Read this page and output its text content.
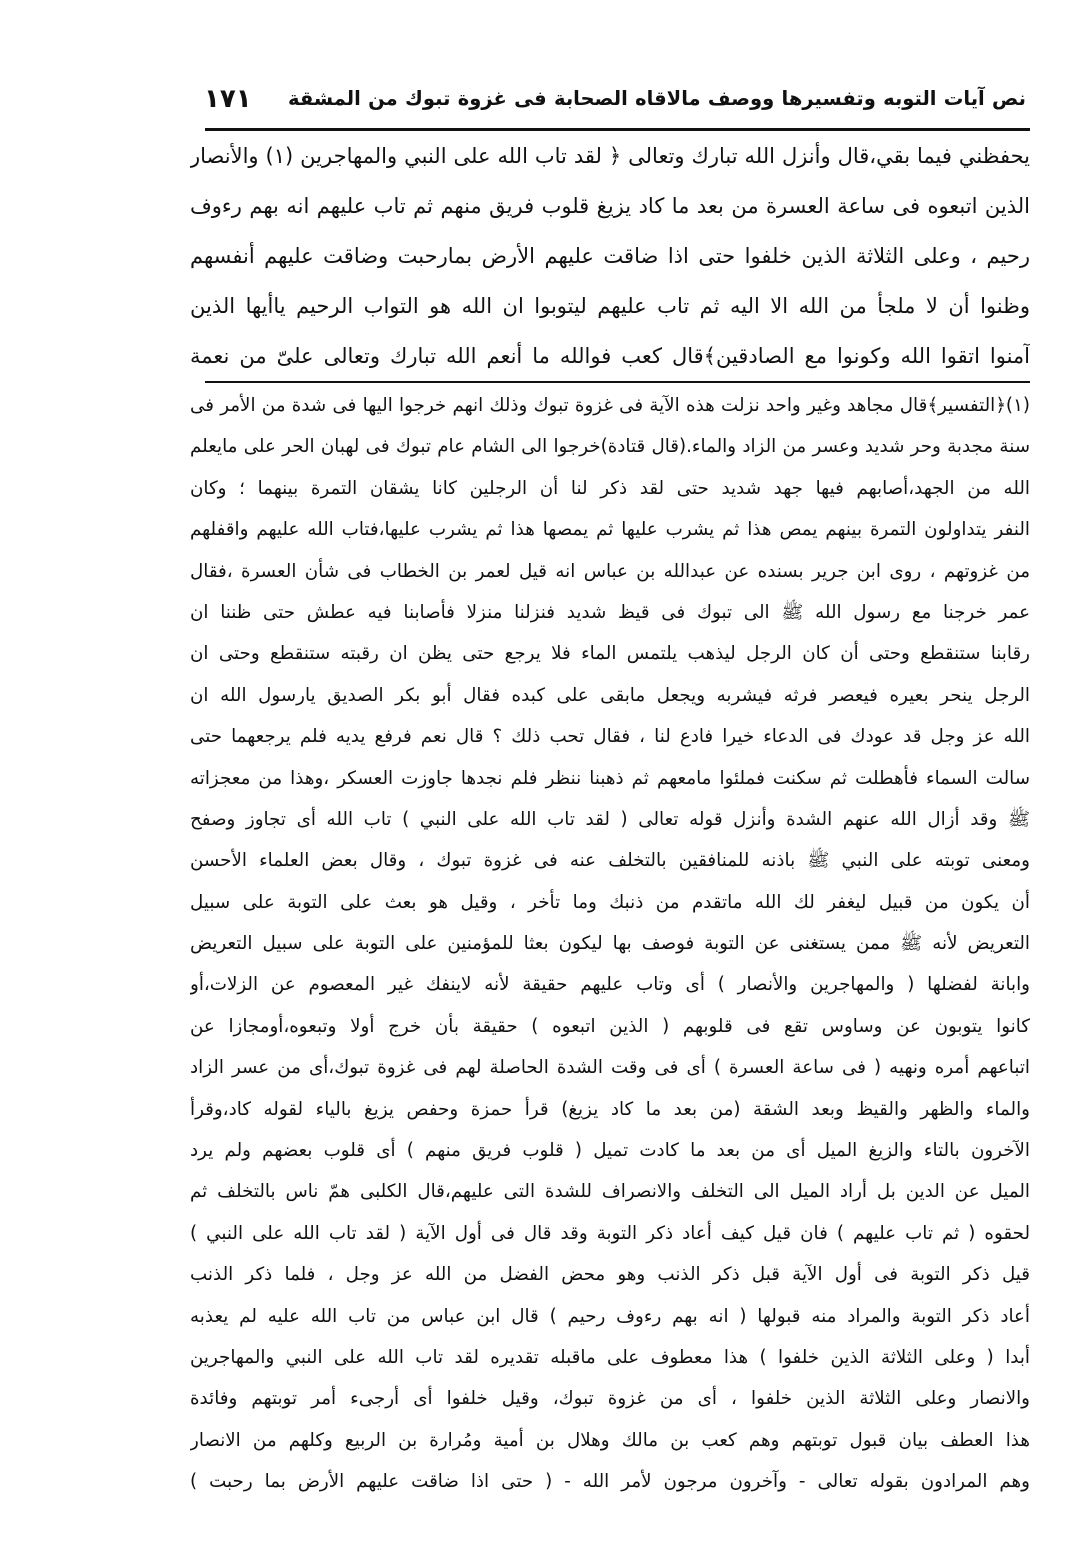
نص آيات التوبه وتفسيرها ووصف مالاقاه الصحابة فى غزوة تبوك من المشقة
١٧١
يحفظني فيما بقي،قال وأنزل الله تبارك وتعالى ﴿ لقد تاب الله على النبي والمهاجرين (١) والأنصار
الذين اتبعوه فى ساعة العسرة من بعد ما كاد يزيغ قلوب فريق منهم ثم تاب عليهم انه بهم رءوف
رحيم ، وعلى الثلاثة الذين خلفوا حتى اذا ضاقت عليهم الأرض بمارحبت وضاقت عليهم أنفسهم
وظنوا أن لا ملجأ من الله الا اليه ثم تاب عليهم ليتوبوا ان الله هو التواب الرحيم ياأيها الذين
آمنوا اتقوا الله وكونوا مع الصادقين﴾قال كعب فوالله ما أنعم الله تبارك وتعالى علىّ من نعمة
(١)﴿التفسير﴾قال مجاهد وغير واحد نزلت هذه الآية فى غزوة تبوك وذلك انهم خرجوا اليها فى شدة من الأمر فى
سنة مجدبة وحر شديد وعسر من الزاد والماء.(قال قتادة)خرجوا الى الشام عام تبوك فى لهبان الحر على مايعلم
الله من الجهد،أصابهم فيها جهد شديد حتى لقد ذكر لنا أن الرجلين كانا يشقان التمرة بينهما ؛ وكان
النفر يتداولون التمرة بينهم يمص هذا ثم يشرب عليها ثم يمصها هذا ثم يشرب عليها،فتاب الله عليهم واقفلهم
من غزوتهم ، روى ابن جرير بسنده عن عبدالله بن عباس انه قيل لعمر بن الخطاب فى شأن العسرة ،فقال
عمر خرجنا مع رسول الله ﷺ الى تبوك فى قيظ شديد فنزلنا منزلا فأصابنا فيه عطش حتى ظننا ان
رقابنا ستنقطع وحتى أن كان الرجل ليذهب يلتمس الماء فلا يرجع حتى يظن ان رقبته ستنقطع وحتى ان
الرجل ينحر بعيره فيعصر فرثه فيشربه ويجعل مابقى على كبده فقال أبو بكر الصديق يارسول الله ان
الله عز وجل قد عودك فى الدعاء خيرا فادع لنا ، فقال تحب ذلك ؟ قال نعم فرفع يديه فلم يرجعهما حتى
سالت السماء فأهطلت ثم سكنت فملئوا مامعهم ثم ذهبنا ننظر فلم نجدها جاوزت العسكر ،وهذا من معجزاته
ﷺ وقد أزال الله عنهم الشدة وأنزل قوله تعالى ( لقد تاب الله على النبي ) تاب الله أى تجاوز وصفح
ومعنى توبته على النبي ﷺ باذنه للمنافقين بالتخلف عنه فى غزوة تبوك ، وقال بعض العلماء الأحسن
أن يكون من قبيل ليغفر لك الله ماتقدم من ذنبك وما تأخر ، وقيل هو بعث على التوبة على سبيل
التعريض لأنه ﷺ ممن يستغنى عن التوبة فوصف بها ليكون بعثا للمؤمنين على التوبة على سبيل التعريض
وابانة لفضلها ( والمهاجرين والأنصار ) أى وتاب عليهم حقيقة لأنه لاينفك غير المعصوم عن الزلات،أو
كانوا يتوبون عن وساوس تقع فى قلوبهم ( الذين اتبعوه ) حقيقة بأن خرج أولا وتبعوه،أومجازا عن
اتباعهم أمره ونهيه ( فى ساعة العسرة ) أى فى وقت الشدة الحاصلة لهم فى غزوة تبوك،أى من عسر الزاد
والماء والظهر والقيظ وبعد الشقة (من بعد ما كاد يزيغ) قرأ حمزة وحفص يزيغ بالياء لقوله كاد،وقرأ
الآخرون بالتاء والزيغ الميل أى من بعد ما كادت تميل ( قلوب فريق منهم ) أى قلوب بعضهم ولم يرد
الميل عن الدين بل أراد الميل الى التخلف والانصراف للشدة التى عليهم،قال الكلبى همّ ناس بالتخلف ثم
لحقوه ( ثم تاب عليهم ) فان قيل كيف أعاد ذكر التوبة وقد قال فى أول الآية ( لقد تاب الله على النبي )
قيل ذكر التوبة فى أول الآية قبل ذكر الذنب وهو محض الفضل من الله عز وجل ، فلما ذكر الذنب
أعاد ذكر التوبة والمراد منه قبولها ( انه بهم رءوف رحيم ) قال ابن عباس من تاب الله عليه لم يعذبه
أبدا ( وعلى الثلاثة الذين خلفوا ) هذا معطوف على ماقبله تقديره لقد تاب الله على النبي والمهاجرين
والانصار وعلى الثلاثة الذين خلفوا ، أى من غزوة تبوك، وقيل خلفوا أى أرجىء أمر توبتهم وفائدة
هذا العطف بيان قبول توبتهم وهم كعب بن مالك وهلال بن أمية ومُرارة بن الربيع وكلهم من الانصار
وهم المرادون بقوله تعالى - وآخرون مرجون لأمر الله - ( حتى اذا ضاقت عليهم الأرض بما رحبت )
